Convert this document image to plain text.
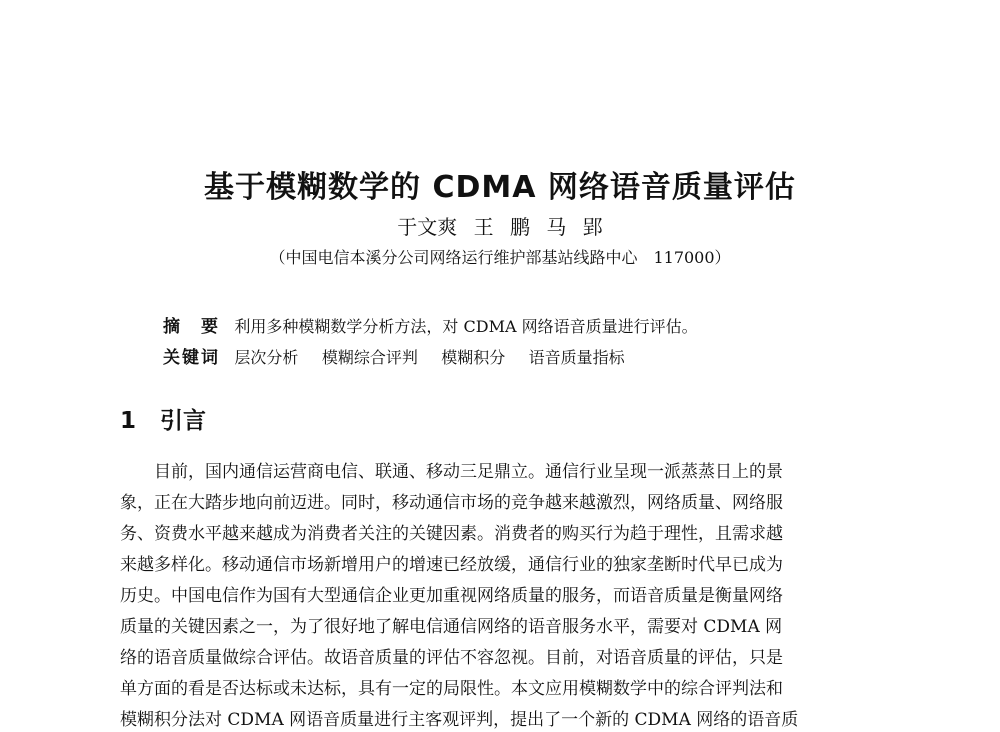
基于模糊数学的 CDMA 网络语音质量评估
于文爽 王 鹏 马 郢
（中国电信本溪分公司网络运行维护部基站线路中心　117000）
摘　要 利用多种模糊数学分析方法，对 CDMA 网络语音质量进行评估。
关键词 层次分析 模糊综合评判 模糊积分 语音质量指标
1 引言

　　目前，国内通信运营商电信、联通、移动三足鼎立。通信行业呈现一派蒸蒸日上的景

象，正在大踏步地向前迈进。同时，移动通信市场的竞争越来越激烈，网络质量、网络服

务、资费水平越来越成为消费者关注的关键因素。消费者的购买行为趋于理性，且需求越

来越多样化。移动通信市场新增用户的增速已经放缓，通信行业的独家垄断时代早已成为

历史。中国电信作为国有大型通信企业更加重视网络质量的服务，而语音质量是衡量网络

质量的关键因素之一，为了很好地了解电信通信网络的语音服务水平，需要对 CDMA 网

络的语音质量做综合评估。故语音质量的评估不容忽视。目前，对语音质量的评估，只是

单方面的看是否达标或未达标，具有一定的局限性。本文应用模糊数学中的综合评判法和

模糊积分法对 CDMA 网语音质量进行主客观评判，提出了一个新的 CDMA 网络的语音质
